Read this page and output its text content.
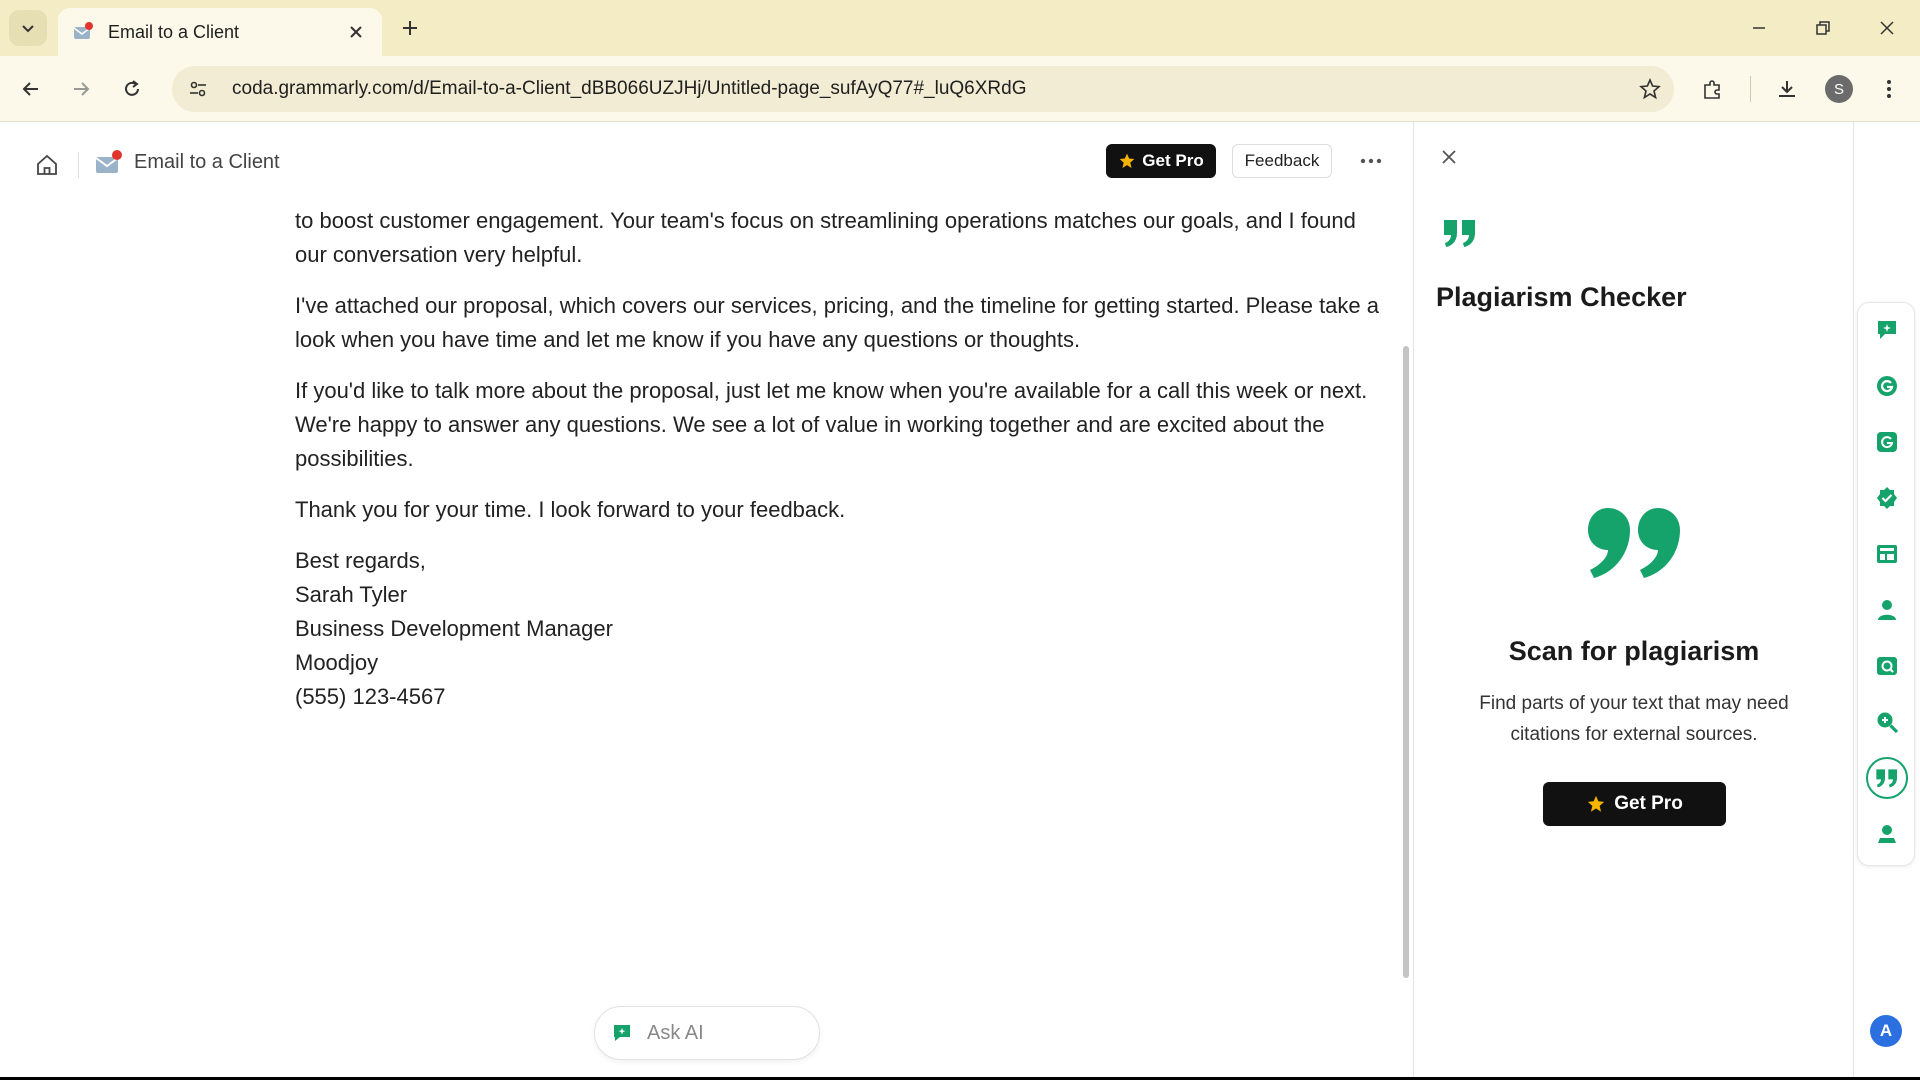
Email to a Client
coda.grammarly.com/d/Email-to-a-Client_dBB066UZJHj/Untitled-page_sufAyQ77#_luQ6XRdG	S
Email to a Client	Get Pro	Feedback

to boost customer engagement. Your team's focus on streamlining operations matches our goals, and I found our conversation very helpful.

I've attached our proposal, which covers our services, pricing, and the timeline for getting started. Please take a look when you have time and let me know if you have any questions or thoughts.

If you'd like to talk more about the proposal, just let me know when you're available for a call this week or next. We're happy to answer any questions. We see a lot of value in working together and are excited about the possibilities.

Thank you for your time. I look forward to your feedback.

Best regards,
Sarah Tyler
Business Development Manager
Moodjoy
(555) 123-4567

Ask AI
Plagiarism Checker
Scan for plagiarism
Find parts of your text that may need citations for external sources.
Get Pro
A
